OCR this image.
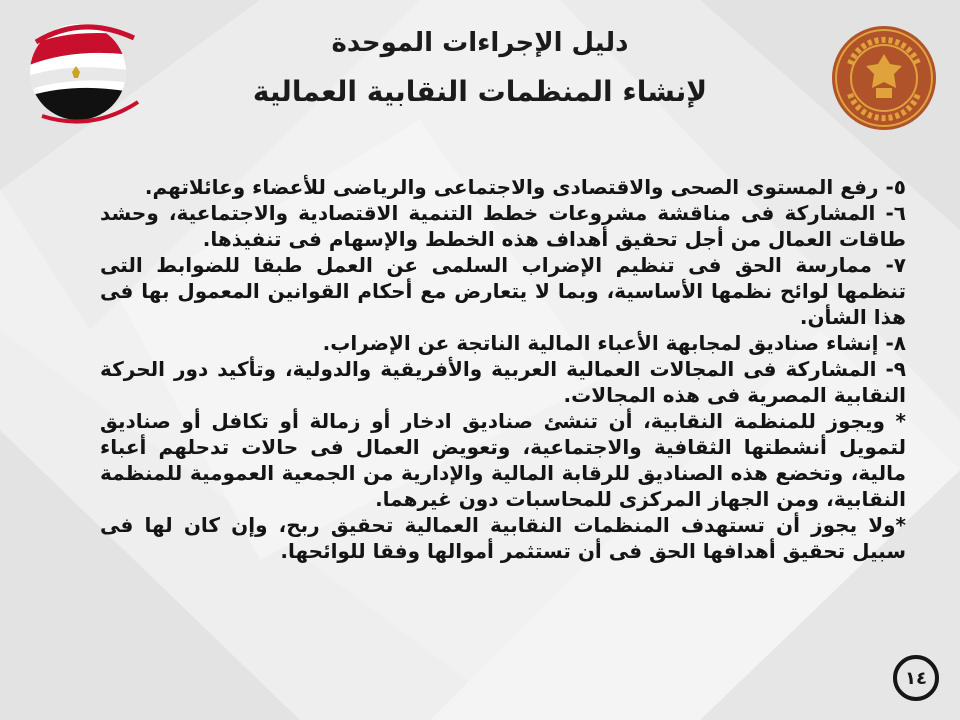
دليل الإجراءات الموحدة
لإنشاء المنظمات النقابية العمالية

٥- رفع المستوى الصحى والاقتصادى والاجتماعى والرياضى للأعضاء وعائلاتهم.

٦- المشاركة فى مناقشة مشروعات خطط التنمية الاقتصادية والاجتماعية، وحشد طاقات العمال من أجل تحقيق أهداف هذه الخطط والإسهام فى تنفيذها.

٧- ممارسة الحق فى تنظيم الإضراب السلمى عن العمل طبقا للضوابط التى تنظمها لوائح نظمها الأساسية، وبما لا يتعارض مع أحكام القوانين المعمول بها فى هذا الشأن.

٨- إنشاء صناديق لمجابهة الأعباء المالية الناتجة عن الإضراب.

٩- المشاركة فى المجالات العمالية العربية والأفريقية والدولية، وتأكيد دور الحركة النقابية المصرية فى هذه المجالات.

* ويجوز للمنظمة النقابية، أن تنشئ صناديق ادخار أو زمالة أو تكافل أو صناديق لتمويل أنشطتها الثقافية والاجتماعية، وتعويض العمال فى حالات تدحلهم أعباء مالية، وتخضع هذه الصناديق للرقابة المالية والإدارية من الجمعية العمومية للمنظمة النقابية، ومن الجهاز المركزى للمحاسبات دون غيرهما.

*ولا يجوز أن تستهدف المنظمات النقابية العمالية تحقيق ربح، وإن كان لها فى سبيل تحقيق أهدافها الحق فى أن تستثمر أموالها وفقا للوائحها.

١٤
